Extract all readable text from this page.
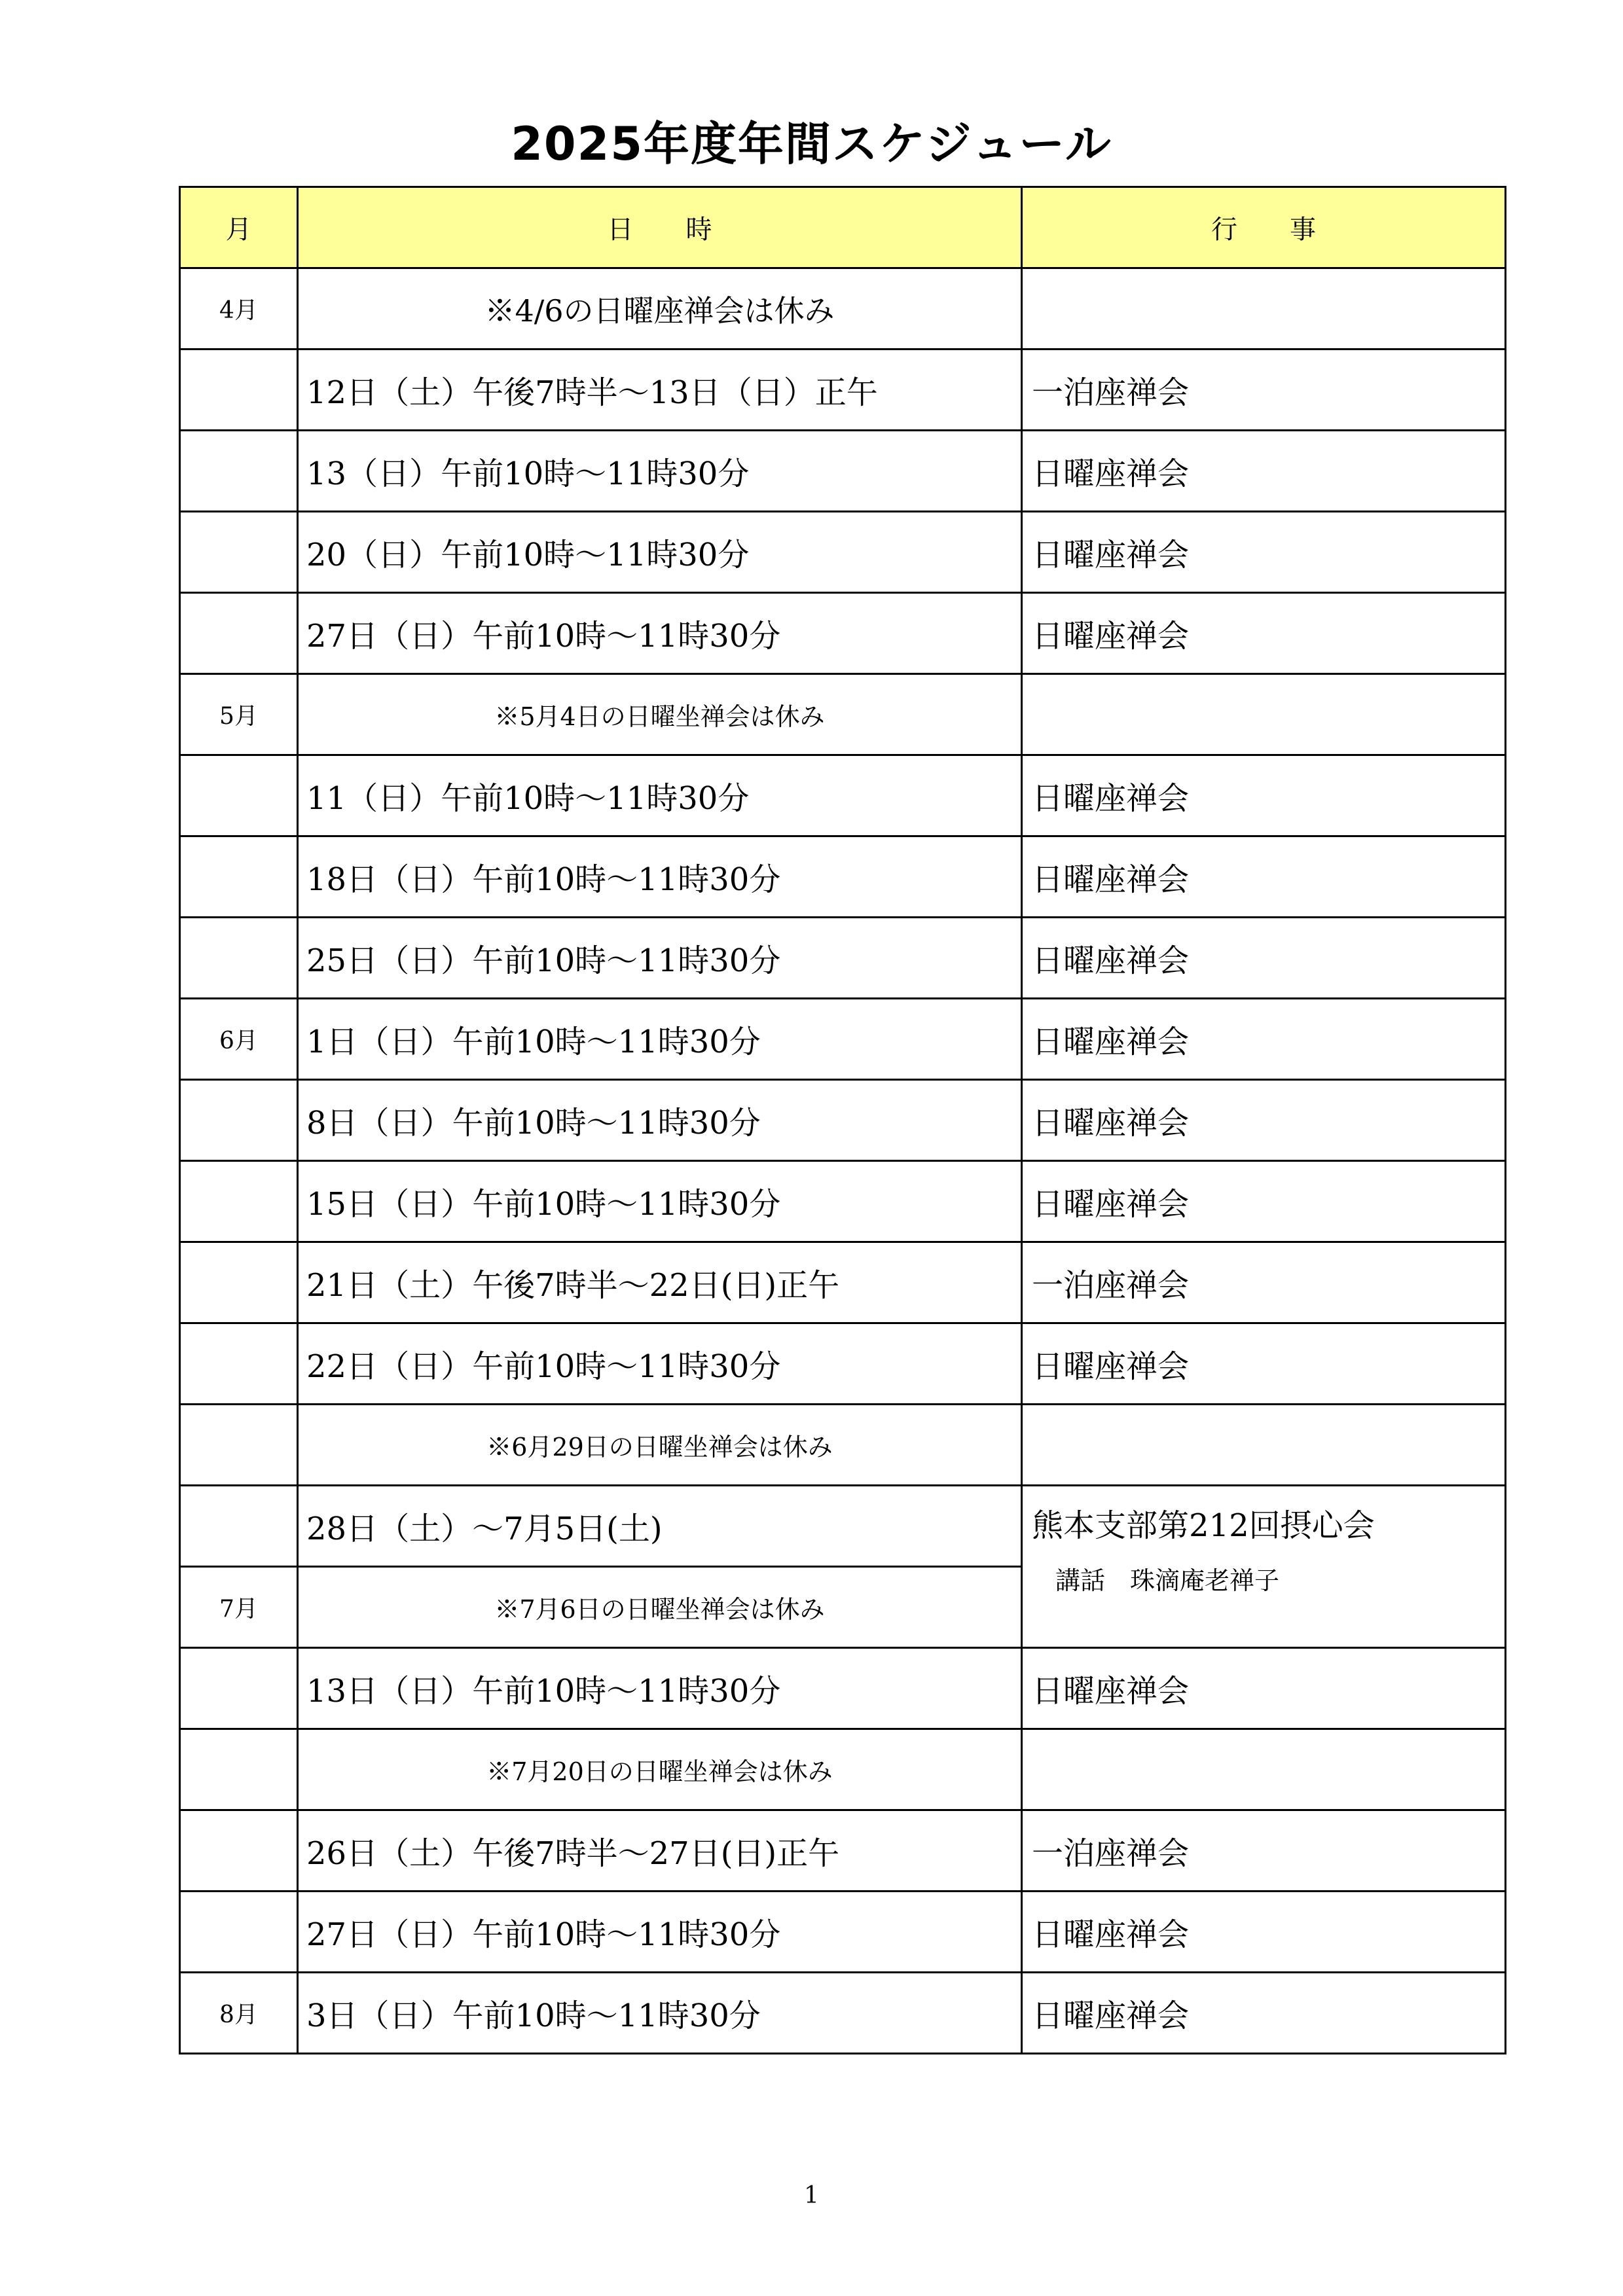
2025年度年間スケジュール
月	日　　時	行　　事
4月	※4/6の日曜座禅会は休み	
	12日（土）午後7時半～13日（日）正午	一泊座禅会
	13（日）午前10時～11時30分	日曜座禅会
	20（日）午前10時～11時30分	日曜座禅会
	27日（日）午前10時～11時30分	日曜座禅会
5月	※5月4日の日曜坐禅会は休み	
	11（日）午前10時～11時30分	日曜座禅会
	18日（日）午前10時～11時30分	日曜座禅会
	25日（日）午前10時～11時30分	日曜座禅会
6月	1日（日）午前10時～11時30分	日曜座禅会
	8日（日）午前10時～11時30分	日曜座禅会
	15日（日）午前10時～11時30分	日曜座禅会
	21日（土）午後7時半～22日(日)正午	一泊座禅会
	22日（日）午前10時～11時30分	日曜座禅会
	※6月29日の日曜坐禅会は休み	
	28日（土）～7月5日(土)	熊本支部第212回摂心会
講話　珠滴庵老禅子

7月	※7月6日の日曜坐禅会は休み	
	13日（日）午前10時～11時30分	日曜座禅会
	※7月20日の日曜坐禅会は休み	
	26日（土）午後7時半～27日(日)正午	一泊座禅会
	27日（日）午前10時～11時30分	日曜座禅会
8月	3日（日）午前10時～11時30分	日曜座禅会
1
